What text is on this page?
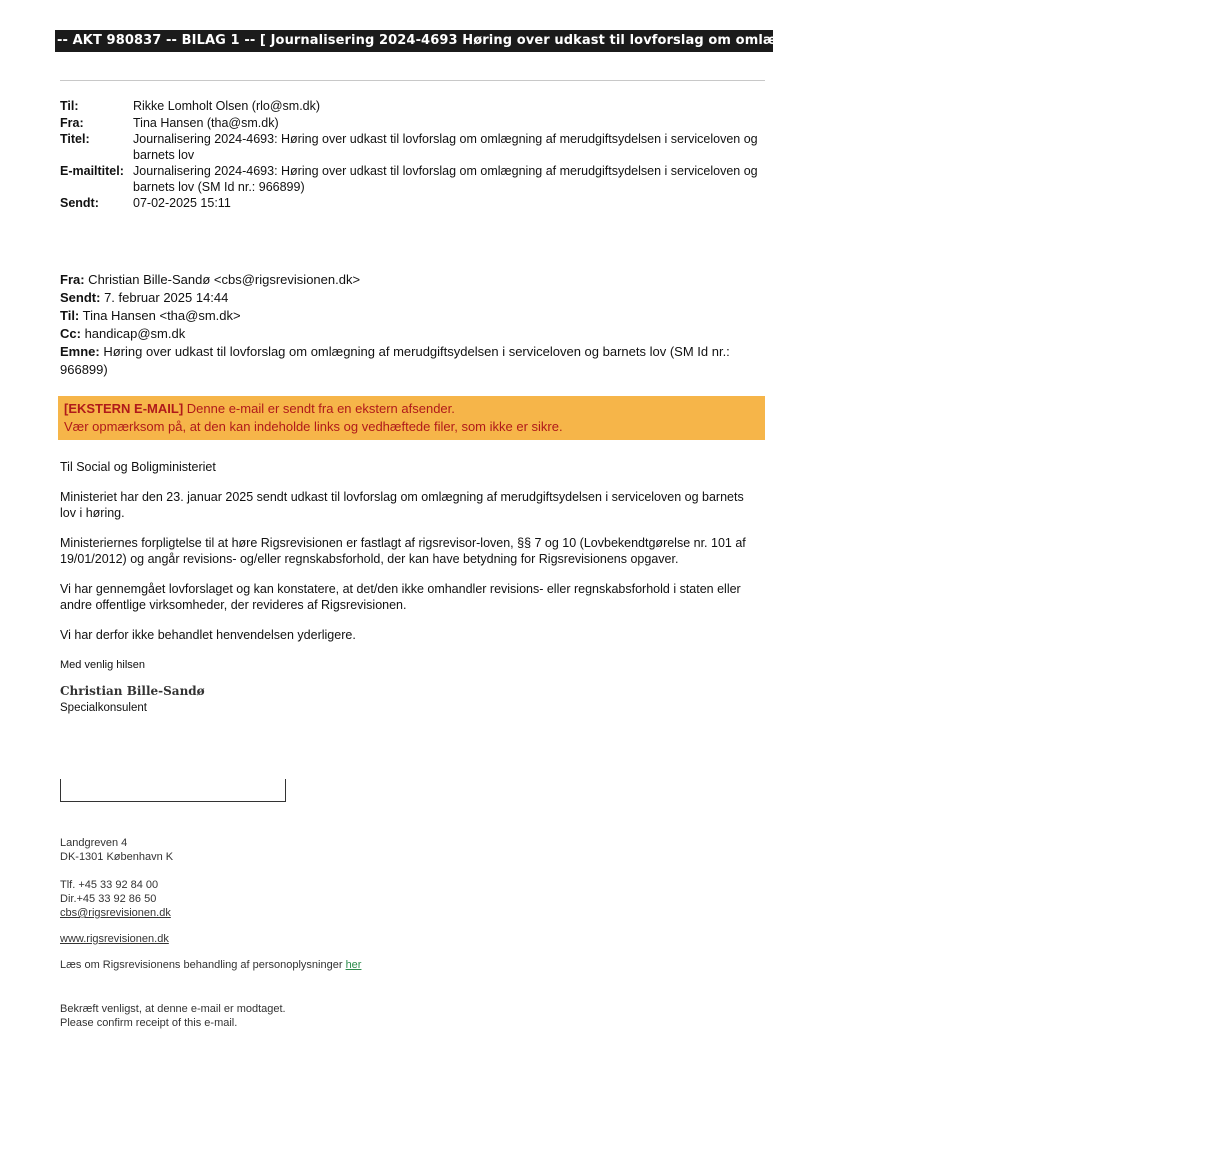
-- AKT 980837 -- BILAG 1 -- [ Journalisering 2024-4693 Høring over udkast til lovforslag om omlægning af merudgiftsydelsen i serviceloven og barnets lov ]
Til:	Rikke Lomholt Olsen (rlo@sm.dk)
Fra:	Tina Hansen (tha@sm.dk)
Titel:	Journalisering 2024-4693: Høring over udkast til lovforslag om omlægning af merudgiftsydelsen i serviceloven og barnets lov
E-mailtitel: Journalisering 2024-4693: Høring over udkast til lovforslag om omlægning af merudgiftsydelsen i serviceloven og barnets lov (SM Id nr.: 966899)
Sendt:	07-02-2025 15:11
Fra: Christian Bille-Sandø <cbs@rigsrevisionen.dk>
Sendt: 7. februar 2025 14:44
Til: Tina Hansen <tha@sm.dk>
Cc: handicap@sm.dk
Emne: Høring over udkast til lovforslag om omlægning af merudgiftsydelsen i serviceloven og barnets lov (SM Id nr.: 966899)
[EKSTERN E-MAIL] Denne e-mail er sendt fra en ekstern afsender.
Vær opmærksom på, at den kan indeholde links og vedhæftede filer, som ikke er sikre.

Til Social og Boligministeriet

Ministeriet har den 23. januar 2025 sendt udkast til lovforslag om omlægning af merudgiftsydelsen i serviceloven og barnets lov i høring.

Ministeriernes forpligtelse til at høre Rigsrevisionen er fastlagt af rigsrevisor-loven, §§ 7 og 10 (Lovbekendtgørelse nr. 101 af 19/01/2012) og angår revisions- og/eller regnskabsforhold, der kan have betydning for Rigsrevisionens opgaver.

Vi har gennemgået lovforslaget og kan konstatere, at det/den ikke omhandler revisions- eller regnskabsforhold i staten eller andre offentlige virksomheder, der revideres af Rigsrevisionen.

Vi har derfor ikke behandlet henvendelsen yderligere.

Med venlig hilsen
Christian Bille-Sandø
Specialkonsulent
Landgreven 4
DK-1301 København K
Tlf. +45 33 92 84 00
Dir.+45 33 92 86 50
cbs@rigsrevisionen.dk
www.rigsrevisionen.dk
Læs om Rigsrevisionens behandling af personoplysninger her
Bekræft venligst, at denne e-mail er modtaget.
Please confirm receipt of this e-mail.
